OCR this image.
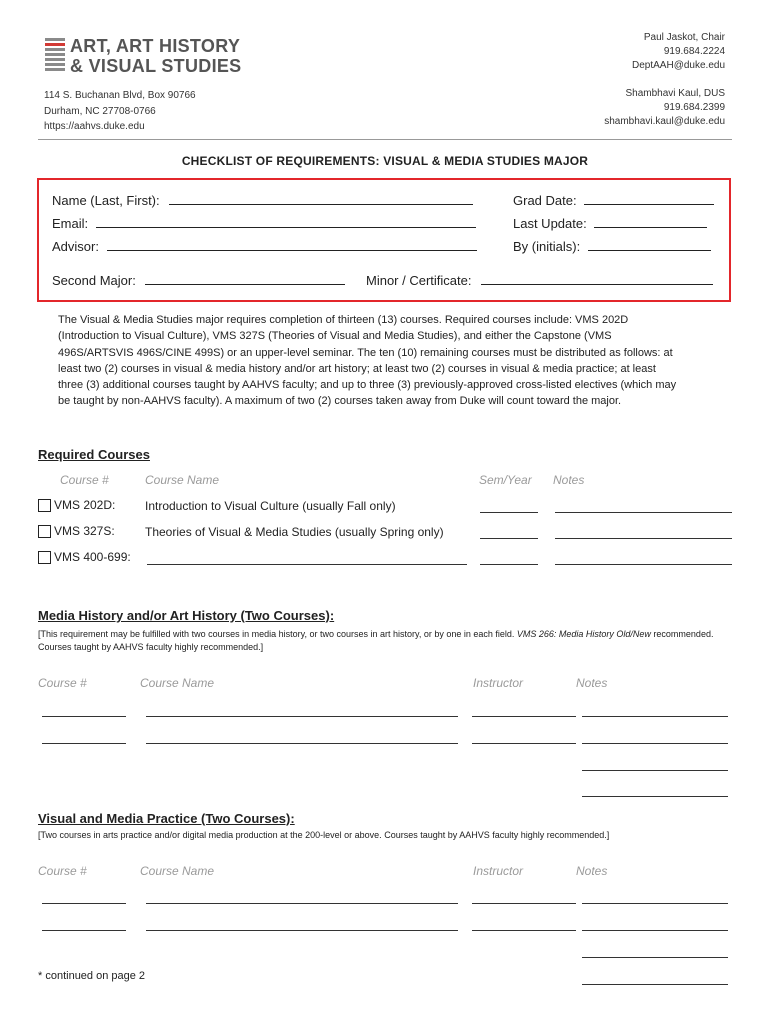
ART, ART HISTORY
& VISUAL STUDIES
114 S. Buchanan Blvd, Box 90766
Durham, NC 27708-0766
https://aahvs.duke.edu
Paul Jaskot, Chair
919.684.2224
DeptAAH@duke.edu
Shambhavi Kaul, DUS
919.684.2399
shambhavi.kaul@duke.edu
CHECKLIST OF REQUIREMENTS: VISUAL & MEDIA STUDIES MAJOR
Name (Last, First):	Grad Date:
Email:	Last Update:
Advisor:	By (initials):
Second Major:	Minor / Certificate:
The Visual & Media Studies major requires completion of thirteen (13) courses. Required courses include: VMS 202D (Introduction to Visual Culture), VMS 327S (Theories of Visual and Media Studies), and either the Capstone (VMS 496S/ARTSVIS 496S/CINE 499S) or an upper-level seminar. The ten (10) remaining courses must be distributed as follows: at least two (2) courses in visual & media history and/or art history; at least two (2) courses in visual & media practice; at least three (3) additional courses taught by AAHVS faculty; and up to three (3) previously-approved cross-listed electives (which may be taught by non-AAHVS faculty). A maximum of two (2) courses taken away from Duke will count toward the major.
Required Courses
Course #	Course Name	Sem/Year Notes
VMS 202D: Introduction to Visual Culture (usually Fall only)
VMS 327S:	Theories of Visual & Media Studies (usually Spring only)
VMS 400-699:
Media History and/or Art History (Two Courses):
[This requirement may be fulfilled with two courses in media history, or two courses in art history, or by one in each field. VMS 266: Media History Old/New recommended. Courses taught by AAHVS faculty highly recommended.]
Course #	Course Name	Instructor	Notes
Visual and Media Practice (Two Courses):
[Two courses in arts practice and/or digital media production at the 200-level or above. Courses taught by AAHVS faculty highly recommended.]
Course #	Course Name	Instructor	Notes
* continued on page 2
